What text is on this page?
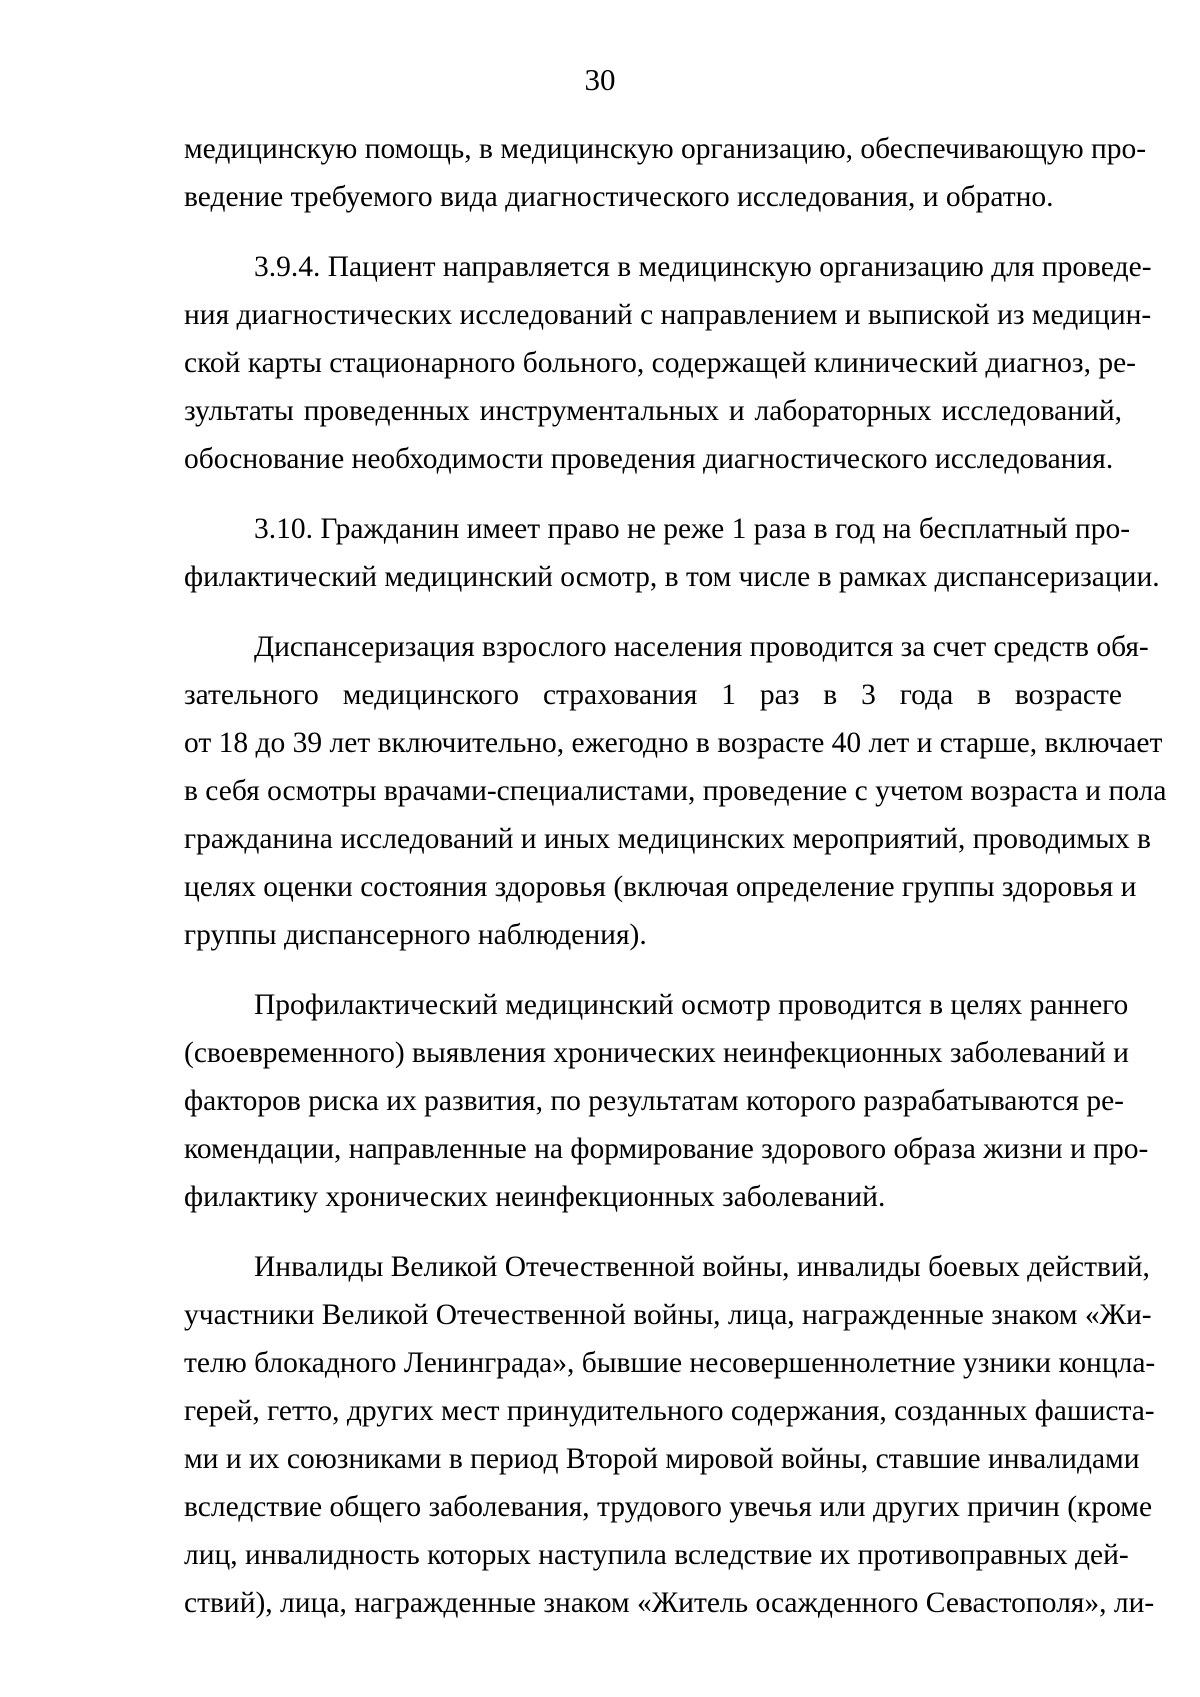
30
медицинскую помощь, в медицинскую организацию, обеспечивающую про-
ведение требуемого вида диагностического исследования, и обратно.
3.9.4. Пациент направляется в медицинскую организацию для проведе-
ния диагностических исследований с направлением и выпиской из медицин-
ской карты стационарного больного, содержащей клинический диагноз, ре-
зультаты проведенных инструментальных и лабораторных исследований,
обоснование необходимости проведения диагностического исследования.
3.10. Гражданин имеет право не реже 1 раза в год на бесплатный про-
филактический медицинский осмотр, в том числе в рамках диспансеризации.
Диспансеризация взрослого населения проводится за счет средств обя-
зательного медицинского страхования 1 раз в 3 года в возрасте
от 18 до 39 лет включительно, ежегодно в возрасте 40 лет и старше, включает
в себя осмотры врачами-специалистами, проведение с учетом возраста и пола
гражданина исследований и иных медицинских мероприятий, проводимых в
целях оценки состояния здоровья (включая определение группы здоровья и
группы диспансерного наблюдения).
Профилактический медицинский осмотр проводится в целях раннего
(своевременного) выявления хронических неинфекционных заболеваний и
факторов риска их развития, по результатам которого разрабатываются ре-
комендации, направленные на формирование здорового образа жизни и про-
филактику хронических неинфекционных заболеваний.
Инвалиды Великой Отечественной войны, инвалиды боевых действий,
участники Великой Отечественной войны, лица, награжденные знаком «Жи-
телю блокадного Ленинграда», бывшие несовершеннолетние узники концла-
герей, гетто, других мест принудительного содержания, созданных фашиста-
ми и их союзниками в период Второй мировой войны, ставшие инвалидами
вследствие общего заболевания, трудового увечья или других причин (кроме
лиц, инвалидность которых наступила вследствие их противоправных дей-
ствий), лица, награжденные знаком «Житель осажденного Севастополя», ли-
